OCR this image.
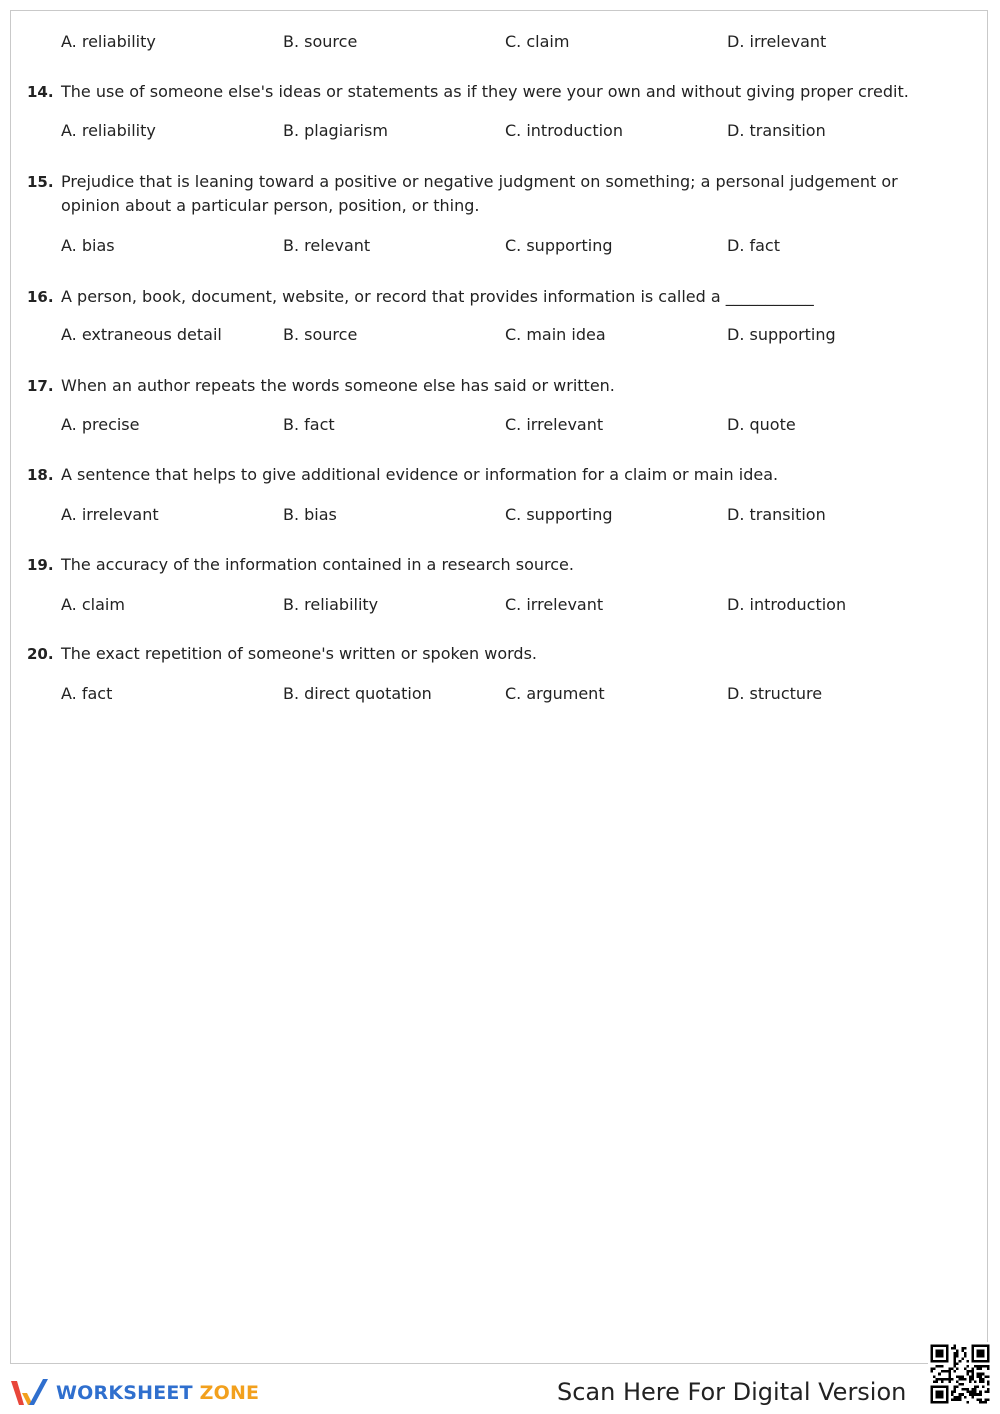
A. reliability	B. source	C. claim	D. irrelevant
14. The use of someone else's ideas or statements as if they were your own and without giving proper credit.
A. reliability	B. plagiarism	C. introduction	D. transition
15. Prejudice that is leaning toward a positive or negative judgment on something; a personal judgement or opinion about a particular person, position, or thing.
A. bias	B. relevant	C. supporting	D. fact
16. A person, book, document, website, or record that provides information is called a ___________
A. extraneous detail	B. source	C. main idea	D. supporting
17. When an author repeats the words someone else has said or written.
A. precise	B. fact	C. irrelevant	D. quote
18. A sentence that helps to give additional evidence or information for a claim or main idea.
A. irrelevant	B. bias	C. supporting	D. transition
19. The accuracy of the information contained in a research source.
A. claim	B. reliability	C. irrelevant	D. introduction
20. The exact repetition of someone's written or spoken words.
A. fact	B. direct quotation	C. argument	D. structure
WORKSHEET ZONE	Scan Here For Digital Version
